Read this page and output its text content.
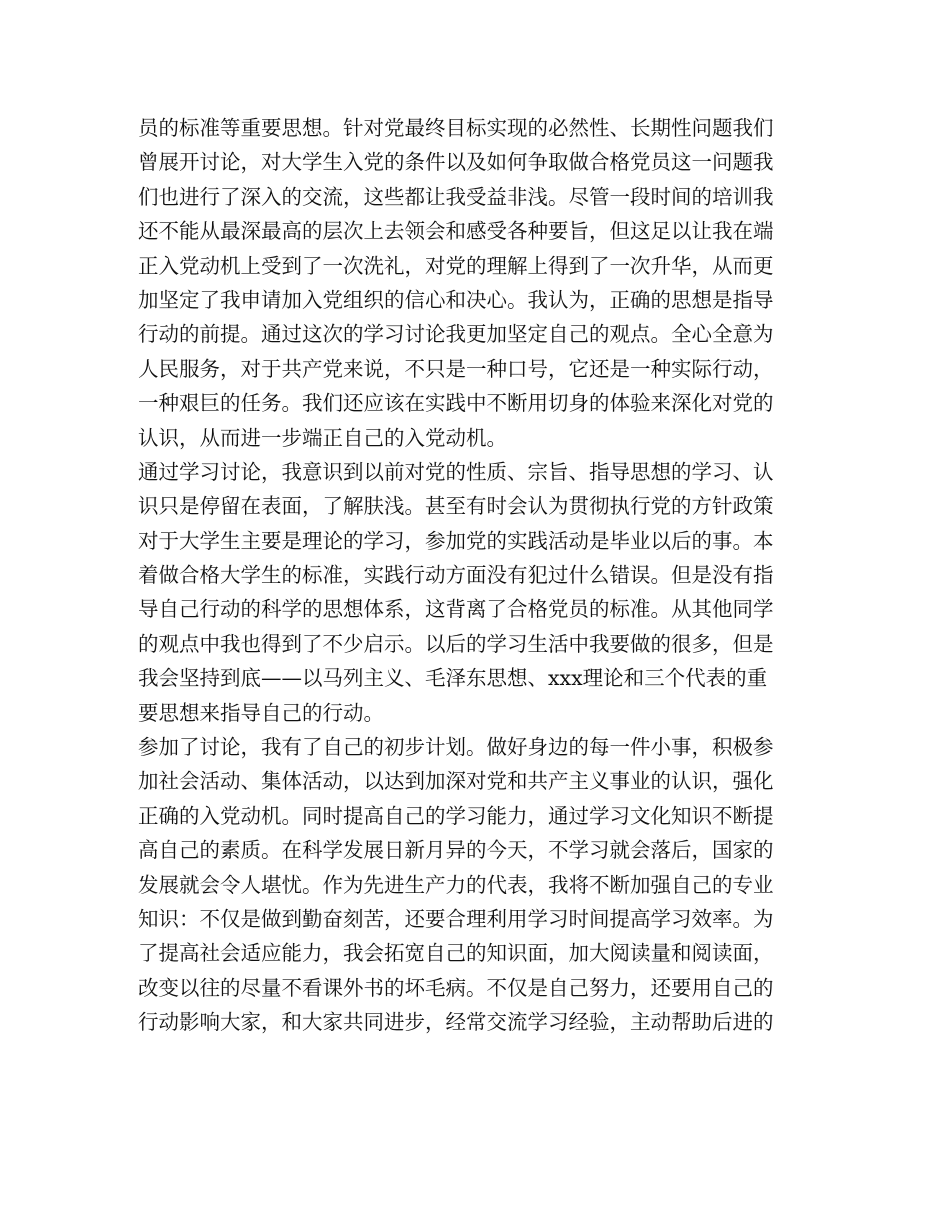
员的标准等重要思想。针对党最终目标实现的必然性、长期性问题我们
曾展开讨论，对大学生入党的条件以及如何争取做合格党员这一问题我
们也进行了深入的交流，这些都让我受益非浅。尽管一段时间的培训我
还不能从最深最高的层次上去领会和感受各种要旨，但这足以让我在端
正入党动机上受到了一次洗礼，对党的理解上得到了一次升华，从而更
加坚定了我申请加入党组织的信心和决心。我认为，正确的思想是指导
行动的前提。通过这次的学习讨论我更加坚定自己的观点。全心全意为
人民服务，对于共产党来说，不只是一种口号，它还是一种实际行动，
一种艰巨的任务。我们还应该在实践中不断用切身的体验来深化对党的
认识，从而进一步端正自己的入党动机。
通过学习讨论，我意识到以前对党的性质、宗旨、指导思想的学习、认
识只是停留在表面，了解肤浅。甚至有时会认为贯彻执行党的方针政策
对于大学生主要是理论的学习，参加党的实践活动是毕业以后的事。本
着做合格大学生的标准，实践行动方面没有犯过什么错误。但是没有指
导自己行动的科学的思想体系，这背离了合格党员的标准。从其他同学
的观点中我也得到了不少启示。以后的学习生活中我要做的很多，但是
我会坚持到底——以马列主义、毛泽东思想、xxx理论和三个代表的重
要思想来指导自己的行动。
参加了讨论，我有了自己的初步计划。做好身边的每一件小事，积极参
加社会活动、集体活动，以达到加深对党和共产主义事业的认识，强化
正确的入党动机。同时提高自己的学习能力，通过学习文化知识不断提
高自己的素质。在科学发展日新月异的今天，不学习就会落后，国家的
发展就会令人堪忧。作为先进生产力的代表，我将不断加强自己的专业
知识：不仅是做到勤奋刻苦，还要合理利用学习时间提高学习效率。为
了提高社会适应能力，我会拓宽自己的知识面，加大阅读量和阅读面，
改变以往的尽量不看课外书的坏毛病。不仅是自己努力，还要用自己的
行动影响大家，和大家共同进步，经常交流学习经验，主动帮助后进的
